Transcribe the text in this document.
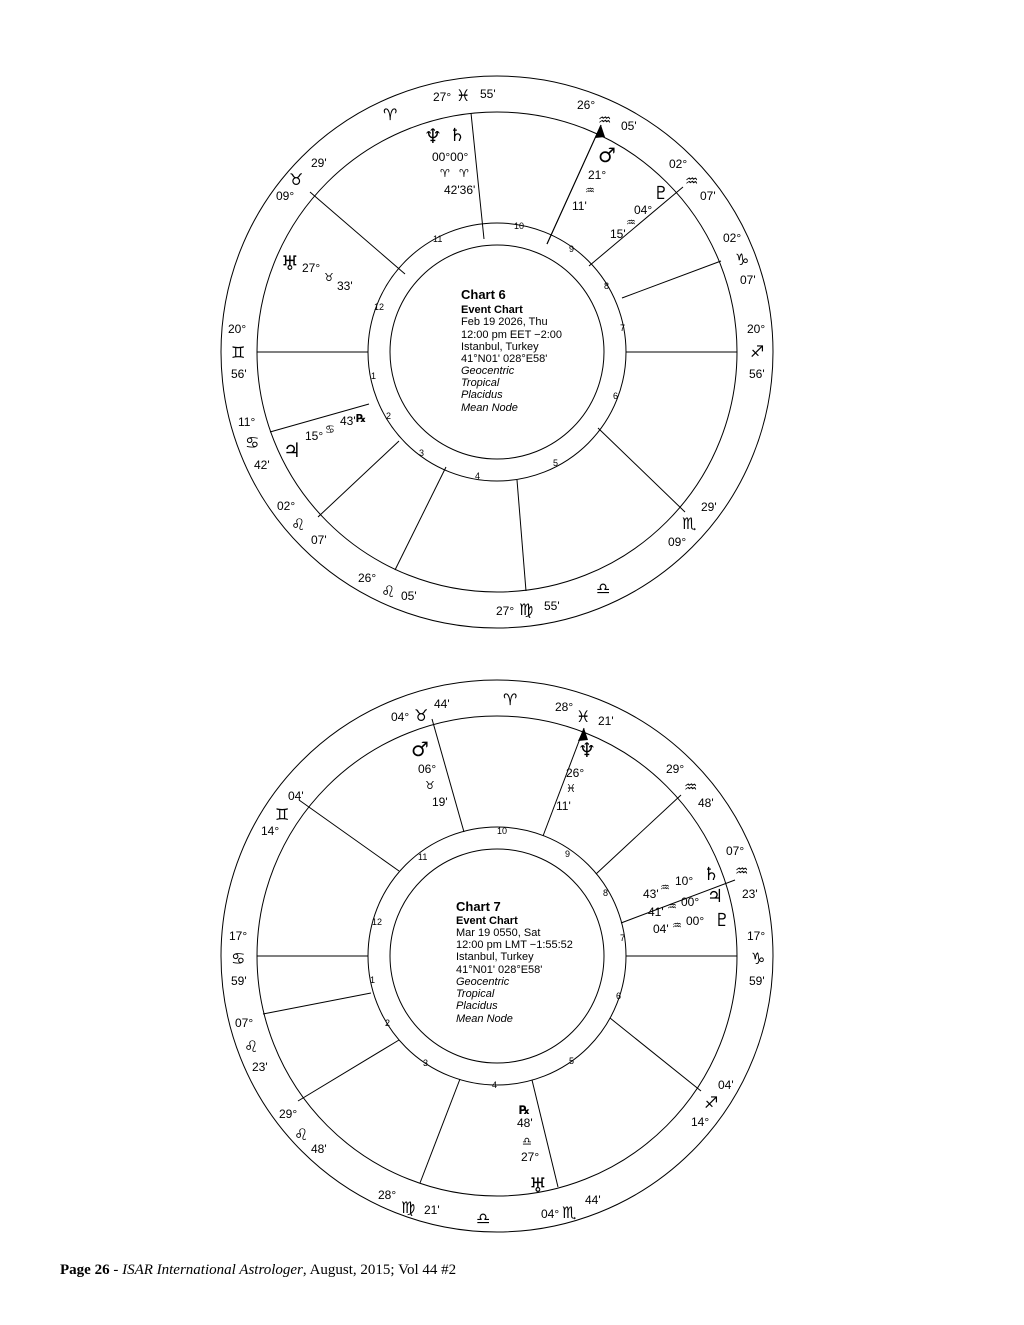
10
11
12
1
2
3
4
5
6
7
8
9
Chart 6
Event Chart
Feb 19 2026, Thu
12:00 pm EET −2:00
Istanbul, Turkey
41°N01' 028°E58'
Geocentric
Tropical
Placidus
Mean Node
27° ♓ 55'
♈	26°
♒ 05'
02°
♒
07'
02°
♑
07'
20°
♐
56'
29'
♏
09°
♎
27° ♍ 55'
26°
♌ 05'
02°
♌
07'
11°
♋
42'
20°
♊
56'
29'
♉
09°
♆ ♄
00°00°
♈ ♈
42'36'
♂
21°
♒
11'
♇
04°
♒
15'
♅ 27°
♉
33'
♃
15° ♋
43' ℞
10
11
12
1
2
3
4
5
6
7
8
9
Chart 7
Event Chart
Mar 19 0550, Sat
12:00 pm LMT −1:55:52
Istanbul, Turkey
41°N01' 028°E58'
Geocentric
Tropical
Placidus
Mean Node
04° ♉
44'	♈	28° ♓ 21'
29°
♒
48'
07°
♒
23'
17°
♑
59'
04'
♐
14°
04° ♏
44'
♎
28°
♍ 21'
29°
♌
48'
07°
♌
23'
17°
♋
59'
04'
♊
14°
♂
06°
♉
19'
♆
26°
♓
11'
♄
10°
♒
43'	♃
00°
♒
41'	♇
00°
♒
04'
℞
48'
♎
27°
♅
Page 26 - ISAR International Astrologer, August, 2015; Vol 44 #2
